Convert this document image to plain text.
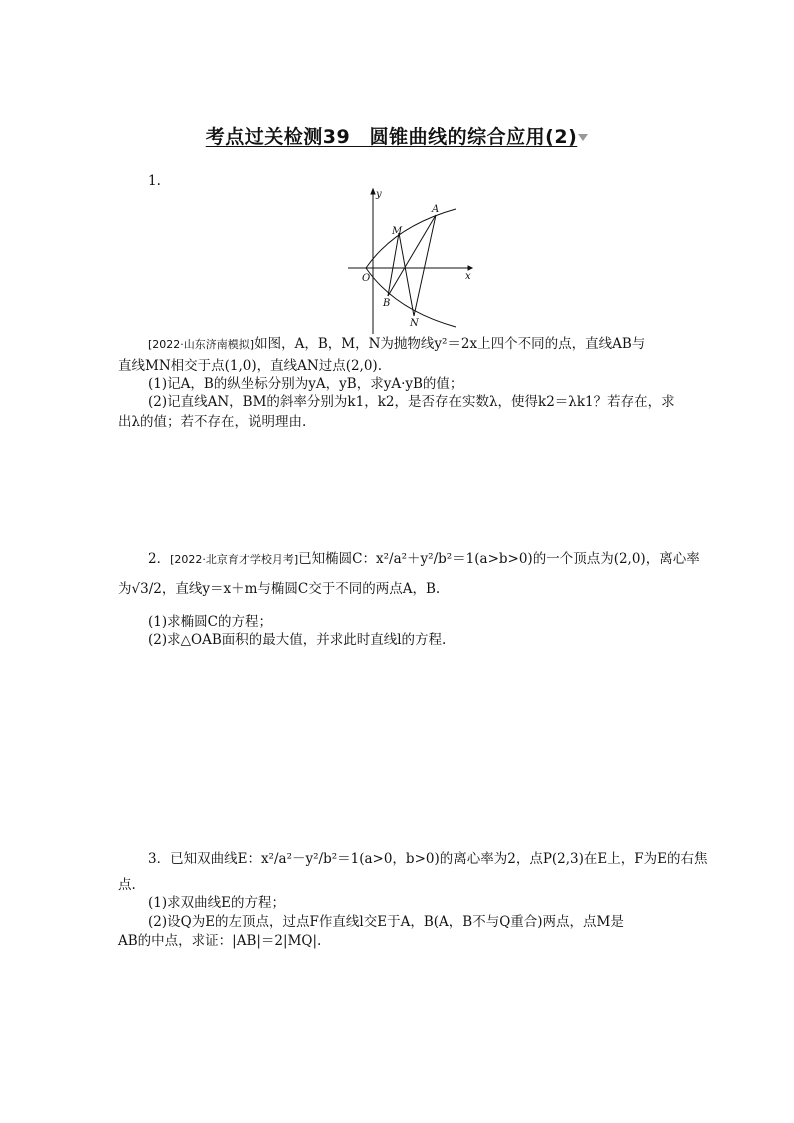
考点过关检测39　圆锥曲线的综合应用(2)
1.
y
x
O
A
M
B
N
[2022·山东济南模拟]如图，A，B，M，N为抛物线y²＝2x上四个不同的点，直线AB与
直线MN相交于点(1,0)，直线AN过点(2,0).
(1)记A，B的纵坐标分别为yA，yB，求yA·yB的值；
(2)记直线AN，BM的斜率分别为k1，k2，是否存在实数λ，使得k2＝λk1？若存在，求
出λ的值；若不存在，说明理由.
2．[2022·北京育才学校月考]已知椭圆C：x²/a²＋y²/b²＝1(a>b>0)的一个顶点为(2,0)，离心率
为√3/2，直线y＝x＋m与椭圆C交于不同的两点A，B.
(1)求椭圆C的方程；
(2)求△OAB面积的最大值，并求此时直线l的方程.
3．已知双曲线E：x²/a²－y²/b²＝1(a>0，b>0)的离心率为2，点P(2,3)在E上，F为E的右焦
点.
(1)求双曲线E的方程；
(2)设Q为E的左顶点，过点F作直线l交E于A，B(A，B不与Q重合)两点，点M是
AB的中点，求证：|AB|＝2|MQ|.
